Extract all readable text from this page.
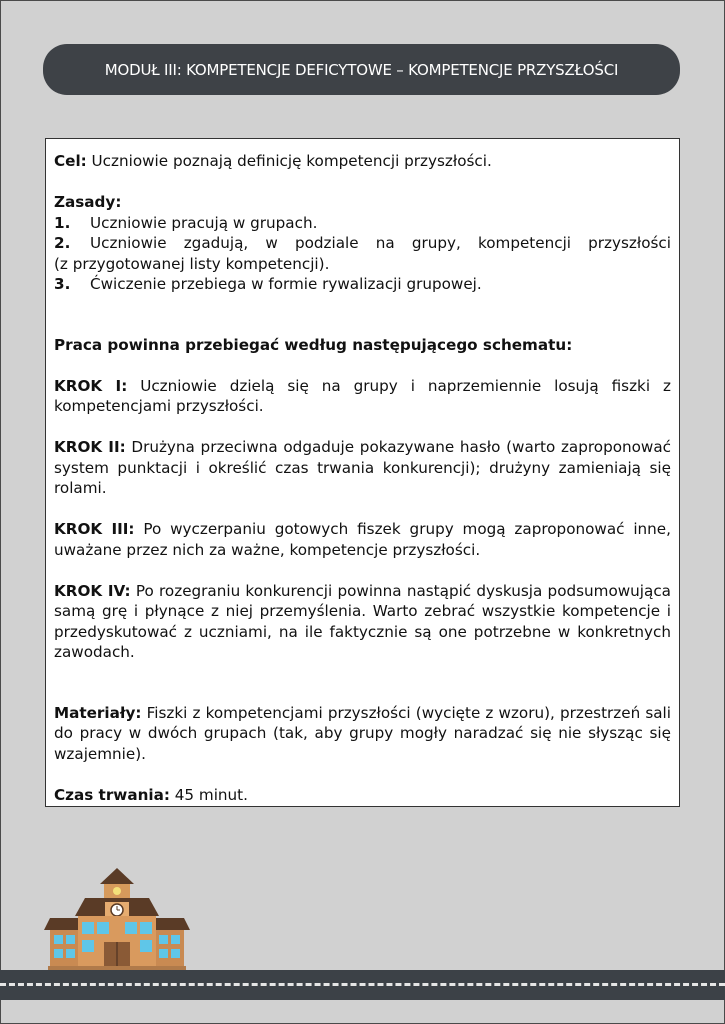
MODUŁ III: KOMPETENCJE DEFICYTOWE – KOMPETENCJE PRZYSZŁOŚCI

Cel: Uczniowie poznają definicję kompetencji przyszłości.

Zasady:

1. Uczniowie pracują w grupach.

2. Uczniowie zgadują, w podziale na grupy, kompetencji przyszłości

(z przygotowanej listy kompetencji).

3. Ćwiczenie przebiega w formie rywalizacji grupowej.

Praca powinna przebiegać według następującego schematu:

KROK I: Uczniowie dzielą się na grupy i naprzemiennie losują fiszki z kompetencjami przyszłości.

KROK II: Drużyna przeciwna odgaduje pokazywane hasło (warto zaproponować system punktacji i określić czas trwania konkurencji); drużyny zamieniają się rolami.

KROK III: Po wyczerpaniu gotowych fiszek grupy mogą zaproponować inne, uważane przez nich za ważne, kompetencje przyszłości.

KROK IV: Po rozegraniu konkurencji powinna nastąpić dyskusja podsumowująca samą grę i płynące z niej przemyślenia. Warto zebrać wszystkie kompetencje i przedyskutować z uczniami, na ile faktycznie są one potrzebne w konkretnych zawodach.

Materiały: Fiszki z kompetencjami przyszłości (wycięte z wzoru), przestrzeń sali do pracy w dwóch grupach (tak, aby grupy mogły naradzać się nie słysząc się wzajemnie).

Czas trwania: 45 minut.
